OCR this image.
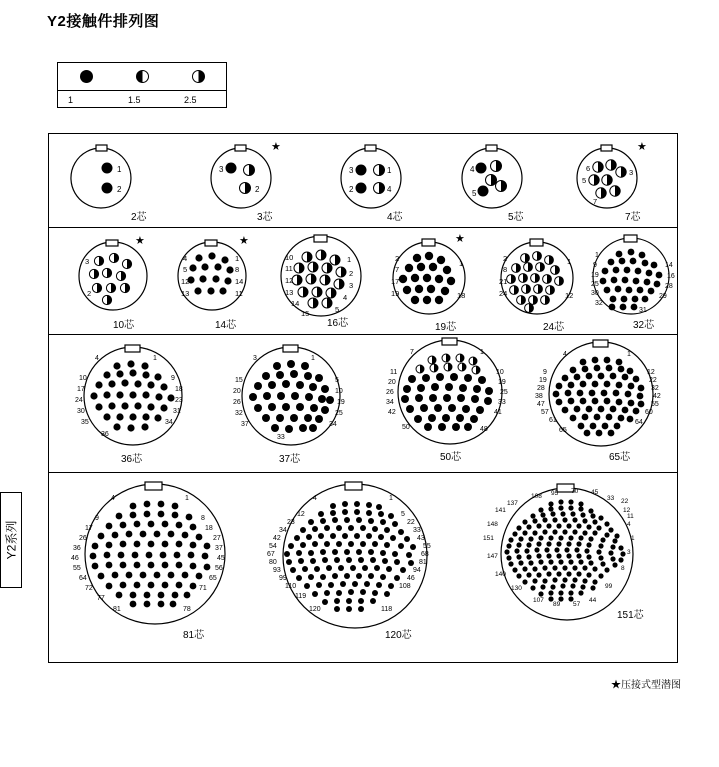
Y2接触件排列图
1	1.5	2.5
Y2系列
1
2
2芯
3
2
★
3芯
3	1
2	4
4芯
4
5
5芯
6
5
3
7
★
7芯
3
2
★
10芯
4
5
12
13
14
11
8
1
★
14芯
10
11
12
13
14
15
1
2
3
4
5
16芯
2
7
17
19
1
18
★
19芯
2
8
21
24
1
12
24芯
1
9
19
25
30
32
14
16
28
29
31
32芯
4	1
10
17
24
30
35
36
9
18
23
31
34
36芯
3	1
15
20
26
32
37
5
10
19
25
34
33
37芯
7	1
11
20
26
34
42
50
10
19
25
33
41
48
50芯
4	1
9
19
28
38
47
57
61
65
12
22
32
42
55
60
64
65芯
4	1
9
17
26
36
46
55
64
72
77
81
8
18
27
37
45
56
65
71
78
81芯
4	1
12
23
34
42
54
67
80
93
99
110
119
120
5
22
33
43
55
68
81
94
46
108
118
120芯
108 95 70 45
33 22
12
137
141
148
151
147
140
130
107
89 57
44
4
1
3
8
99
11
151芯
★压接式型潜图
